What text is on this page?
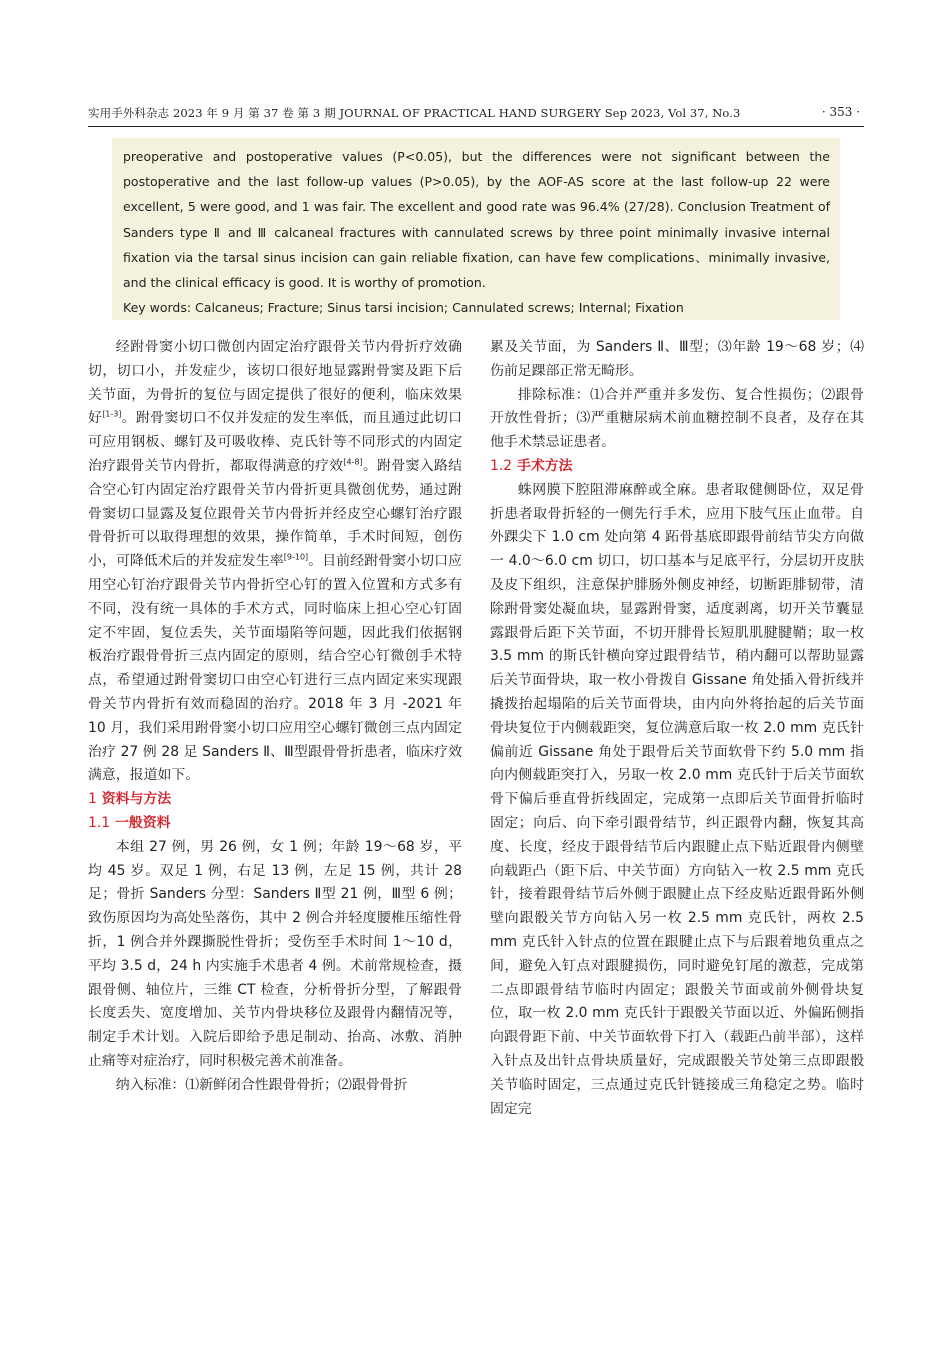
实用手外科杂志 2023 年 9 月 第 37 卷 第 3 期 JOURNAL OF PRACTICAL HAND SURGERY Sep 2023, Vol 37, No.3	· 353 ·

preoperative and postoperative values (P<0.05), but the differences were not significant between the postoperative and the last follow-up values (P>0.05), by the AOF-AS score at the last follow-up 22 were excellent, 5 were good, and 1 was fair. The excellent and good rate was 96.4% (27/28). Conclusion Treatment of Sanders type Ⅱ and Ⅲ calcaneal fractures with cannulated screws by three point minimally invasive internal fixation via the tarsal sinus incision can gain reliable fixation, can have few complications、minimally invasive, and the clinical efficacy is good. It is worthy of promotion.

Key words: Calcaneus; Fracture; Sinus tarsi incision; Cannulated screws; Internal; Fixation

经跗骨窦小切口微创内固定治疗跟骨关节内骨折疗效确切，切口小，并发症少，该切口很好地显露跗骨窦及距下后关节面，为骨折的复位与固定提供了很好的便利，临床效果好[1-3]。跗骨窦切口不仅并发症的发生率低，而且通过此切口可应用钢板、螺钉及可吸收棒、克氏针等不同形式的内固定治疗跟骨关节内骨折，都取得满意的疗效[4-8]。跗骨窦入路结合空心钉内固定治疗跟骨关节内骨折更具微创优势，通过跗骨窦切口显露及复位跟骨关节内骨折并经皮空心螺钉治疗跟骨骨折可以取得理想的效果，操作简单，手术时间短，创伤小，可降低术后的并发症发生率[9-10]。目前经跗骨窦小切口应用空心钉治疗跟骨关节内骨折空心钉的置入位置和方式多有不同，没有统一具体的手术方式，同时临床上担心空心钉固定不牢固，复位丢失，关节面塌陷等问题，因此我们依据钢板治疗跟骨骨折三点内固定的原则，结合空心钉微创手术特点，希望通过跗骨窦切口由空心钉进行三点内固定来实现跟骨关节内骨折有效而稳固的治疗。2018 年 3 月 -2021 年 10 月，我们采用跗骨窦小切口应用空心螺钉微创三点内固定治疗 27 例 28 足 Sanders Ⅱ、Ⅲ型跟骨骨折患者，临床疗效满意，报道如下。

1 资料与方法
1.1 一般资料

本组 27 例，男 26 例，女 1 例；年龄 19～68 岁，平均 45 岁。双足 1 例，右足 13 例，左足 15 例，共计 28 足；骨折 Sanders 分型：Sanders Ⅱ型 21 例，Ⅲ型 6 例；致伤原因均为高处坠落伤，其中 2 例合并轻度腰椎压缩性骨折，1 例合并外踝撕脱性骨折；受伤至手术时间 1～10 d，平均 3.5 d，24 h 内实施手术患者 4 例。术前常规检查，摄跟骨侧、轴位片，三维 CT 检查，分析骨折分型，了解跟骨长度丢失、宽度增加、关节内骨块移位及跟骨内翻情况等，制定手术计划。入院后即给予患足制动、抬高、冰敷、消肿止痛等对症治疗，同时积极完善术前准备。

纳入标准：⑴新鲜闭合性跟骨骨折；⑵跟骨骨折

累及关节面，为 Sanders Ⅱ、Ⅲ型；⑶年龄 19～68 岁；⑷伤前足踝部正常无畸形。

排除标准：⑴合并严重并多发伤、复合性损伤；⑵跟骨开放性骨折；⑶严重糖尿病术前血糖控制不良者，及存在其他手术禁忌证患者。

1.2 手术方法

蛛网膜下腔阻滞麻醉或全麻。患者取健侧卧位，双足骨折患者取骨折轻的一侧先行手术，应用下肢气压止血带。自外踝尖下 1.0 cm 处向第 4 跖骨基底即跟骨前结节尖方向做一 4.0～6.0 cm 切口，切口基本与足底平行，分层切开皮肤及皮下组织，注意保护腓肠外侧皮神经，切断距腓韧带，清除跗骨窦处凝血块，显露跗骨窦，适度剥离，切开关节囊显露跟骨后距下关节面，不切开腓骨长短肌肌腱腱鞘；取一枚 3.5 mm 的斯氏针横向穿过跟骨结节，稍内翻可以帮助显露后关节面骨块，取一枚小骨拨自 Gissane 角处插入骨折线并撬拨抬起塌陷的后关节面骨块，由内向外将抬起的后关节面骨块复位于内侧载距突，复位满意后取一枚 2.0 mm 克氏针偏前近 Gissane 角处于跟骨后关节面软骨下约 5.0 mm 指向内侧载距突打入，另取一枚 2.0 mm 克氏针于后关节面软骨下偏后垂直骨折线固定，完成第一点即后关节面骨折临时固定；向后、向下牵引跟骨结节，纠正跟骨内翻，恢复其高度、长度，经皮于跟骨结节后内跟腱止点下贴近跟骨内侧壁向载距凸（距下后、中关节面）方向钻入一枚 2.5 mm 克氏针，接着跟骨结节后外侧于跟腱止点下经皮贴近跟骨跖外侧壁向跟骰关节方向钻入另一枚 2.5 mm 克氏针，两枚 2.5 mm 克氏针入针点的位置在跟腱止点下与后跟着地负重点之间，避免入钉点对跟腱损伤，同时避免钉尾的激惹，完成第二点即跟骨结节临时内固定；跟骰关节面或前外侧骨块复位，取一枚 2.0 mm 克氏针于跟骰关节面以近、外偏跖侧指向跟骨距下前、中关节面软骨下打入（载距凸前半部），这样入针点及出针点骨块质量好，完成跟骰关节处第三点即跟骰关节临时固定，三点通过克氏针链接成三角稳定之势。临时固定完
